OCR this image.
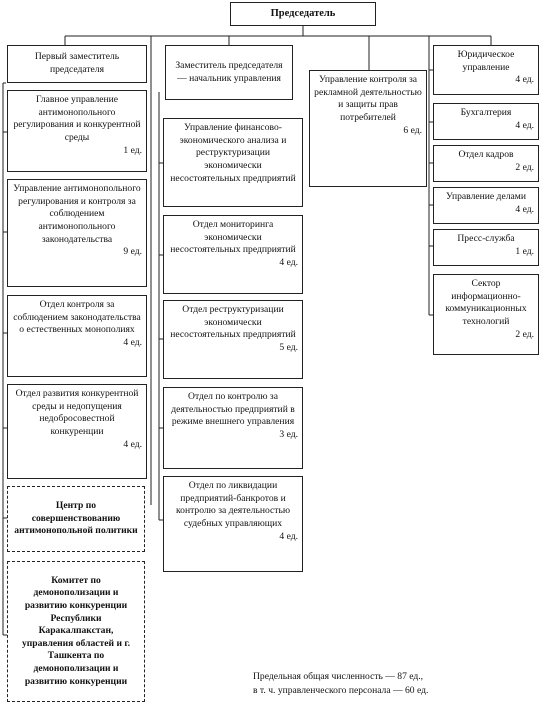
Председатель
Первый заместитель председателя
Главное управление антимонопольного регулирования и конкурентной среды
1 ед.
Управление антимонопольного регулирования и контроля за соблюдением антимонопольного законодательства
9 ед.
Отдел контроля за соблюдением законодательства о естественных монополиях
4 ед.
Отдел развития конкурентной среды и недопущения недобросовестной конкуренции
4 ед.
Центр по совершенствованию антимонопольной политики
Комитет по демонополизации и развитию конкуренции Республики Каракалпакстан, управления областей и г. Ташкента по демонополизации и развитию конкуренции
Заместитель председателя — начальник управления
Управление финансово-экономического анализа и реструктуризации экономически несостоятельных предприятий
Отдел мониторинга экономически несостоятельных предприятий
4 ед.
Отдел реструктуризации экономически несостоятельных предприятий
5 ед.
Отдел по контролю за деятельностью предприятий в режиме внешнего управления
3 ед.
Отдел по ликвидации предприятий-банкротов и контролю за деятельностью судебных управляющих
4 ед.
Управление контроля за рекламной деятельностью и защиты прав потребителей
6 ед.
Юридическое управление
4 ед.
Бухгалтерия
4 ед.
Отдел кадров
2 ед.
Управление делами
4 ед.
Пресс-служба
1 ед.
Сектор информационно-коммуникационных технологий
2 ед.
Предельная общая численность — 87 ед.,
в т. ч. управленческого персонала — 60 ед.
